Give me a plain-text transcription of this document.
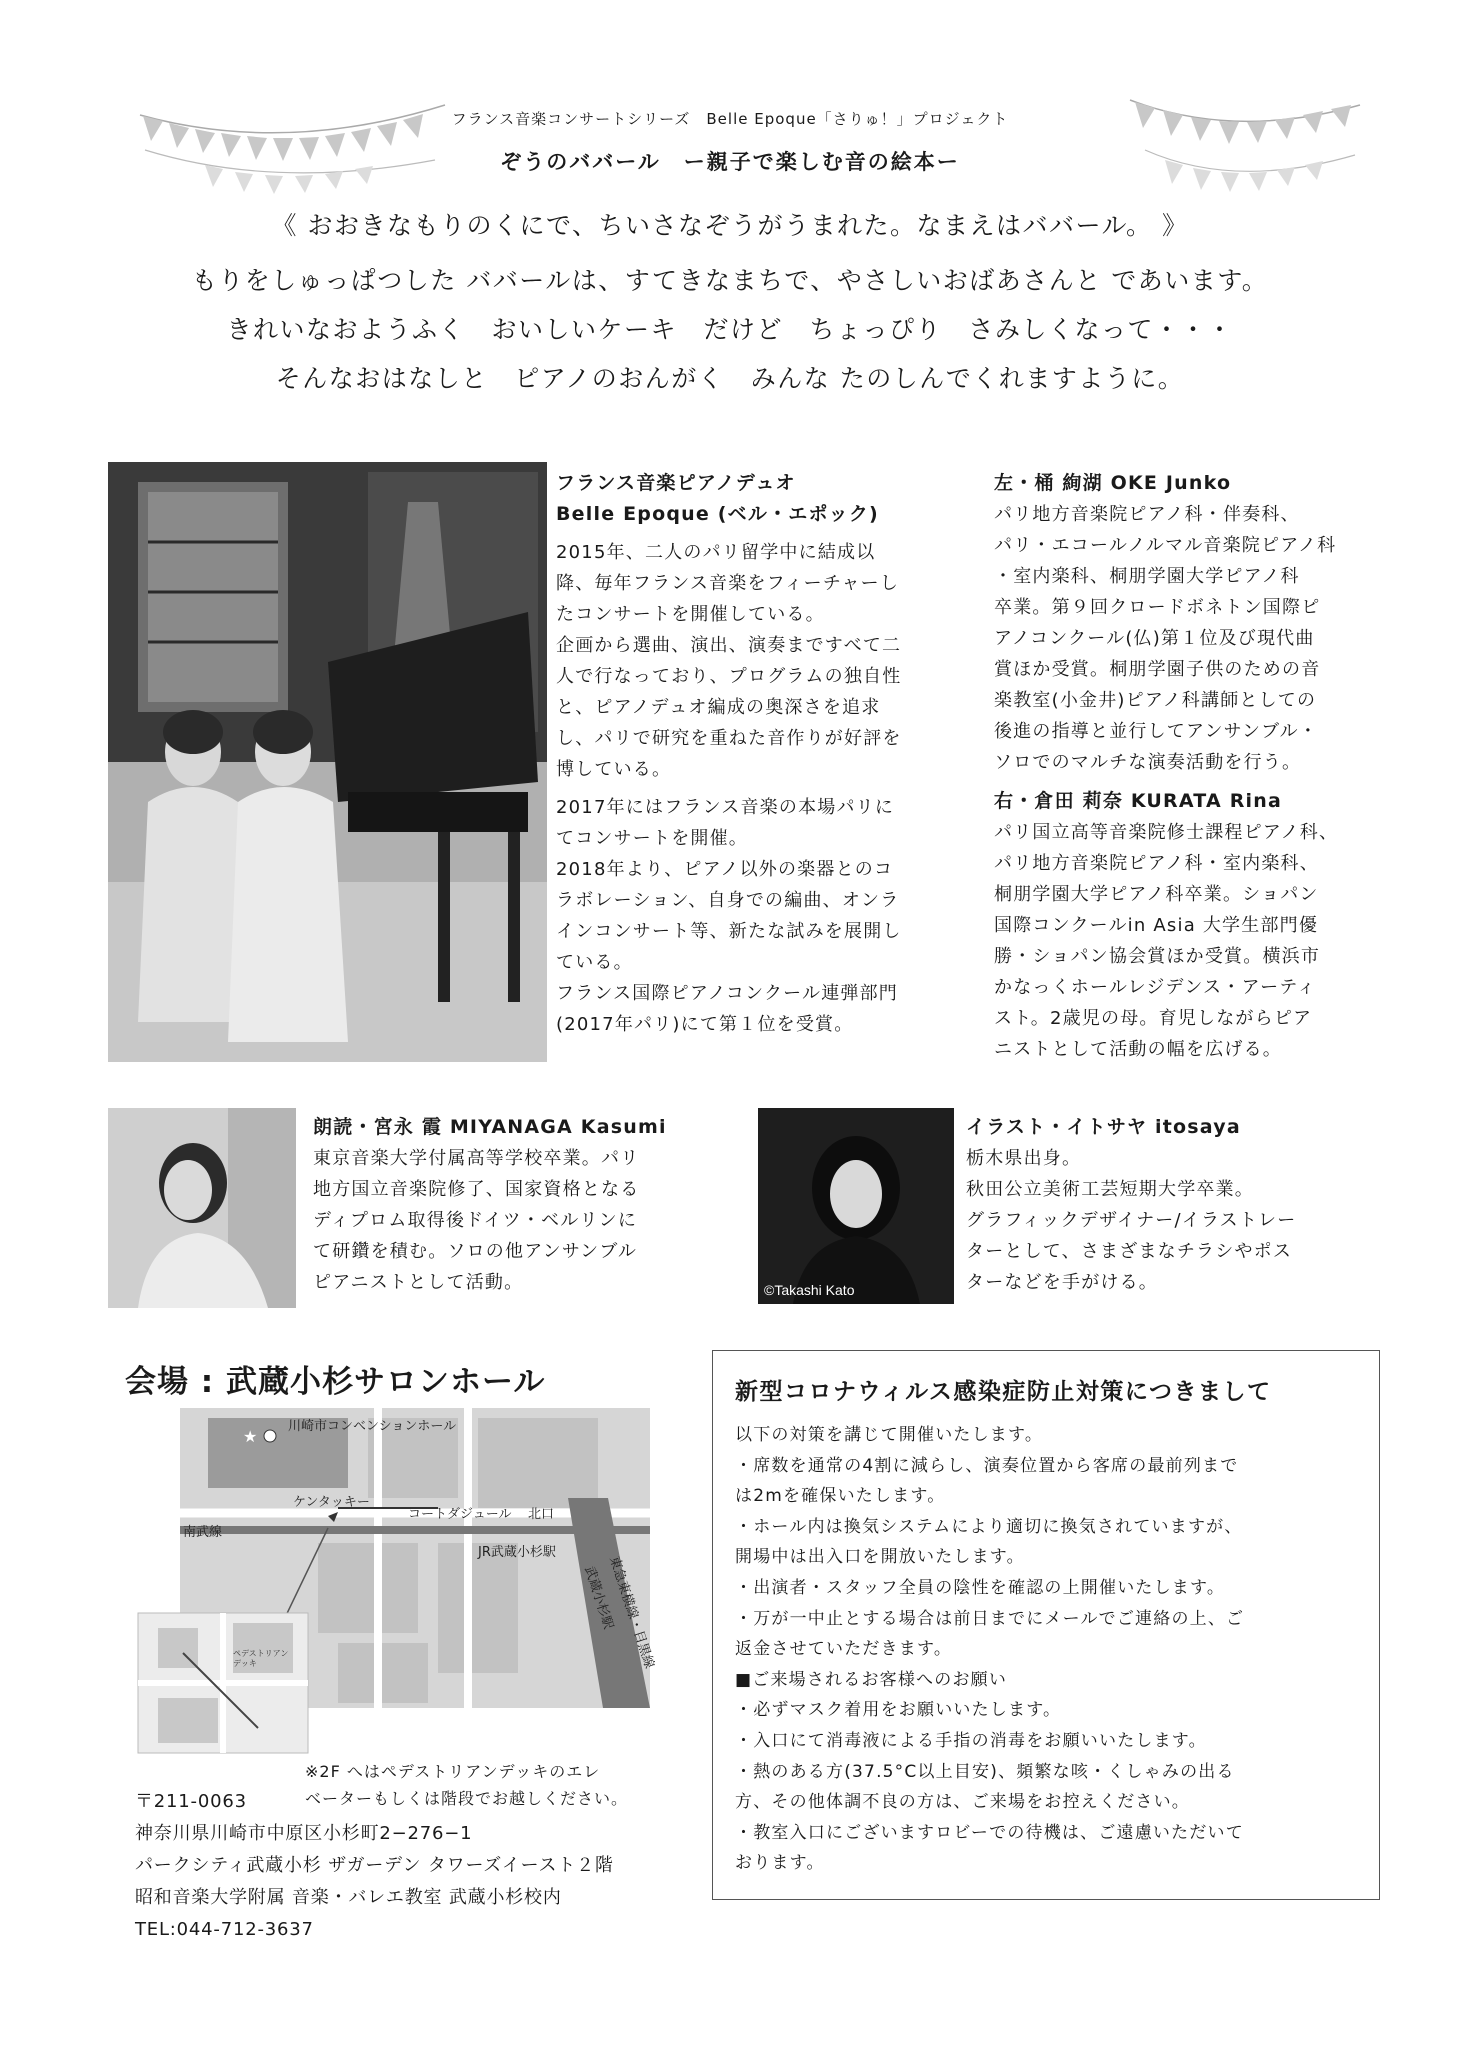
フランス音楽コンサートシリーズ　Belle Epoque「さりゅ！」プロジェクト
ぞうのババール　ー親子で楽しむ音の絵本ー
《 おおきなもりのくにで、ちいさなぞうがうまれた。なまえはババール。 》
もりをしゅっぱつした ババールは、すてきなまちで、やさしいおばあさんと であいます。
きれいなおようふく　おいしいケーキ　だけど　ちょっぴり　さみしくなって・・・
そんなおはなしと　ピアノのおんがく　みんな たのしんでくれますように。

フランス音楽ピアノデュオ

Belle Epoque (ベル・エポック)

2015年、二人のパリ留学中に結成以

降、毎年フランス音楽をフィーチャーし

たコンサートを開催している。

企画から選曲、演出、演奏まですべて二

人で行なっており、プログラムの独自性

と、ピアノデュオ編成の奥深さを追求

し、パリで研究を重ねた音作りが好評を

博している。

2017年にはフランス音楽の本場パリに

てコンサートを開催。

2018年より、ピアノ以外の楽器とのコ

ラボレーション、自身での編曲、オンラ

インコンサート等、新たな試みを展開し

ている。

フランス国際ピアノコンクール連弾部門

(2017年パリ)にて第１位を受賞。

左・桶 絢湖 OKE Junko

パリ地方音楽院ピアノ科・伴奏科、

パリ・エコールノルマル音楽院ピアノ科

・室内楽科、桐朋学園大学ピアノ科

卒業。第９回クロードボネトン国際ピ

アノコンクール(仏)第１位及び現代曲

賞ほか受賞。桐朋学園子供のための音

楽教室(小金井)ピアノ科講師としての

後進の指導と並行してアンサンブル・

ソロでのマルチな演奏活動を行う。

右・倉田 莉奈 KURATA Rina

パリ国立高等音楽院修士課程ピアノ科、

パリ地方音楽院ピアノ科・室内楽科、

桐朋学園大学ピアノ科卒業。ショパン

国際コンクールin Asia 大学生部門優

勝・ショパン協会賞ほか受賞。横浜市

かなっくホールレジデンス・アーティ

スト。2歳児の母。育児しながらピア

ニストとして活動の幅を広げる。

朗読・宮永 霞 MIYANAGA Kasumi

東京音楽大学付属高等学校卒業。パリ

地方国立音楽院修了、国家資格となる

ディプロム取得後ドイツ・ベルリンに

て研鑽を積む。ソロの他アンサンブル

ピアニストとして活動。	©Takashi Kato

イラスト・イトサヤ itosaya

栃木県出身。

秋田公立美術工芸短期大学卒業。

グラフィックデザイナー/イラストレー

ターとして、さまざまなチラシやポス

ターなどを手がける。

会場 : 武蔵小杉サロンホール
川崎市コンベンションホール
ケンタッキー
コートダジュール 北口
南武線
JR武蔵小杉駅
東急東横線・目黒線
武蔵小杉駅
★
ペデストリアン
デッキ

※2F へはペデストリアンデッキのエレ

ベーターもしくは階段でお越しください。

〒211-0063

神奈川県川崎市中原区小杉町2−276−1

パークシティ武蔵小杉 ザガーデン タワーズイースト２階

昭和音楽大学附属 音楽・バレエ教室 武蔵小杉校内

TEL:044-712-3637

新型コロナウィルス感染症防止対策につきまして
以下の対策を講じて開催いたします。
・席数を通常の4割に減らし、演奏位置から客席の最前列まで
は2mを確保いたします。
・ホール内は換気システムにより適切に換気されていますが、
開場中は出入口を開放いたします。
・出演者・スタッフ全員の陰性を確認の上開催いたします。
・万が一中止とする場合は前日までにメールでご連絡の上、ご
返金させていただきます。
■ご来場されるお客様へのお願い
・必ずマスク着用をお願いいたします。
・入口にて消毒液による手指の消毒をお願いいたします。
・熱のある方(37.5°C以上目安)、頻繁な咳・くしゃみの出る
方、その他体調不良の方は、ご来場をお控えください。
・教室入口にございますロビーでの待機は、ご遠慮いただいて
おります。
